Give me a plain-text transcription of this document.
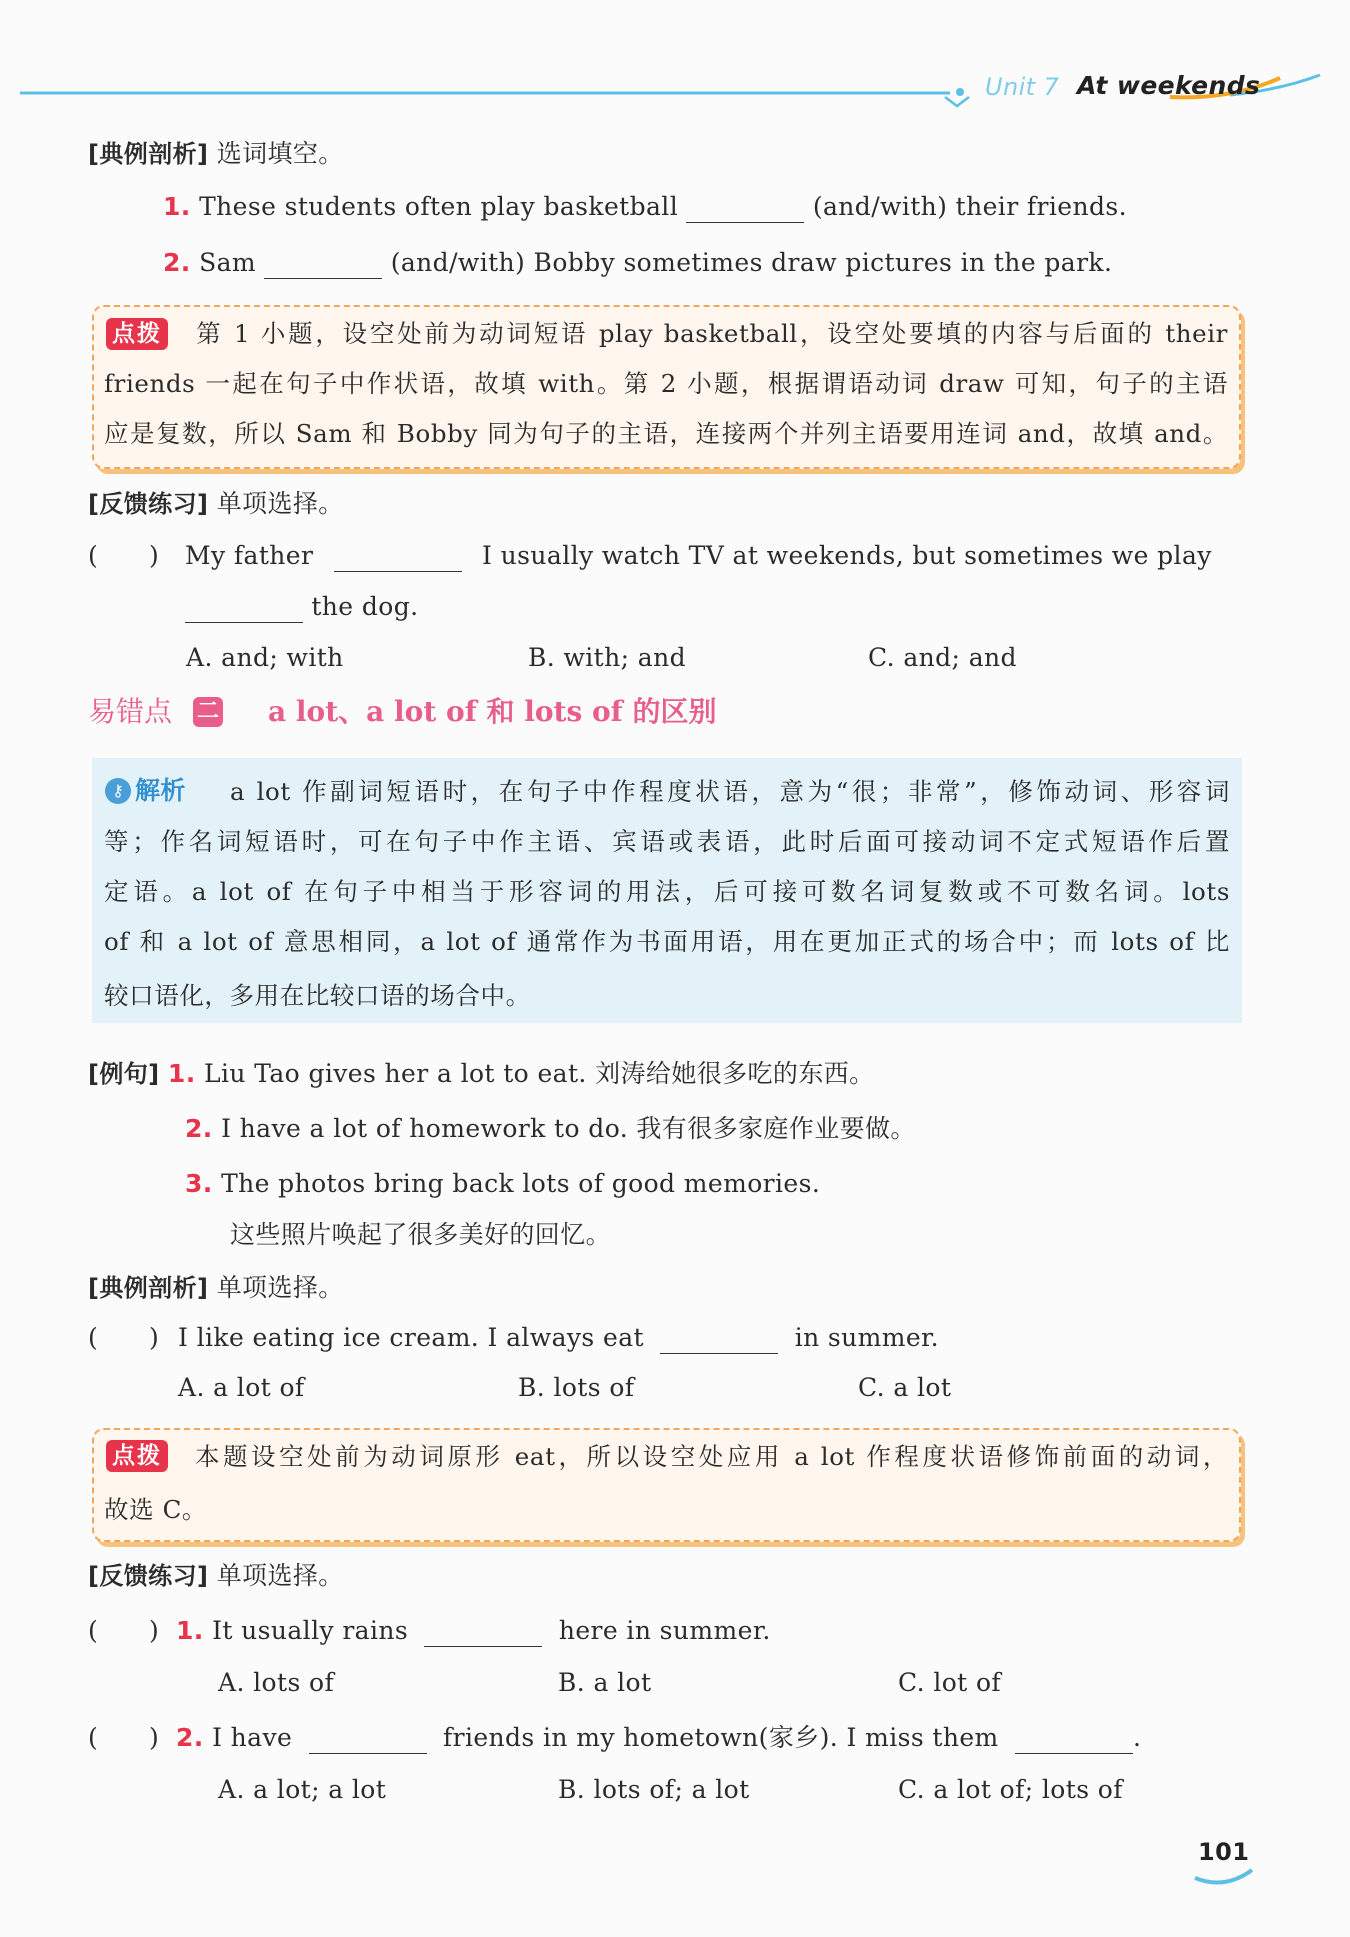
Unit 7 At weekends
[典例剖析] 选词填空。
1. These students often play basketball	(and/with) their friends.
2. Sam	(and/with) Bobby sometimes draw pictures in the park.
点拨	第 1 小题，设空处前为动词短语 play basketball，设空处要填的内容与后面的 their
friends 一起在句子中作状语，故填 with。第 2 小题，根据谓语动词 draw 可知，句子的主语
应是复数，所以 Sam 和 Bobby 同为句子的主语，连接两个并列主语要用连词 and，故填 and。
[反馈练习] 单项选择。
(　　) My father	I usually watch TV at weekends, but sometimes we play
the dog.
A. and; with	B. with; and	C. and; and
易错点 二 a lot、a lot of 和 lots of 的区别
⚷ 解析 a lot 作副词短语时，在句子中作程度状语，意为“很；非常”，修饰动词、形容词
等；作名词短语时，可在句子中作主语、宾语或表语，此时后面可接动词不定式短语作后置
定语。a lot of 在句子中相当于形容词的用法，后可接可数名词复数或不可数名词。lots
of 和 a lot of 意思相同，a lot of 通常作为书面用语，用在更加正式的场合中；而 lots of 比
较口语化，多用在比较口语的场合中。
[例句] 1. Liu Tao gives her a lot to eat. 刘涛给她很多吃的东西。
2. I have a lot of homework to do. 我有很多家庭作业要做。
3. The photos bring back lots of good memories.
这些照片唤起了很多美好的回忆。
[典例剖析] 单项选择。
(　　) I like eating ice cream. I always eat	in summer.
A. a lot of	B. lots of	C. a lot
点拨	本题设空处前为动词原形 eat，所以设空处应用 a lot 作程度状语修饰前面的动词，
故选 C。
[反馈练习] 单项选择。
(　　) 1. It usually rains	here in summer.
A. lots of	B. a lot	C. lot of
(　　) 2. I have	friends in my hometown(家乡). I miss them	.
A. a lot; a lot	B. lots of; a lot	C. a lot of; lots of
101
